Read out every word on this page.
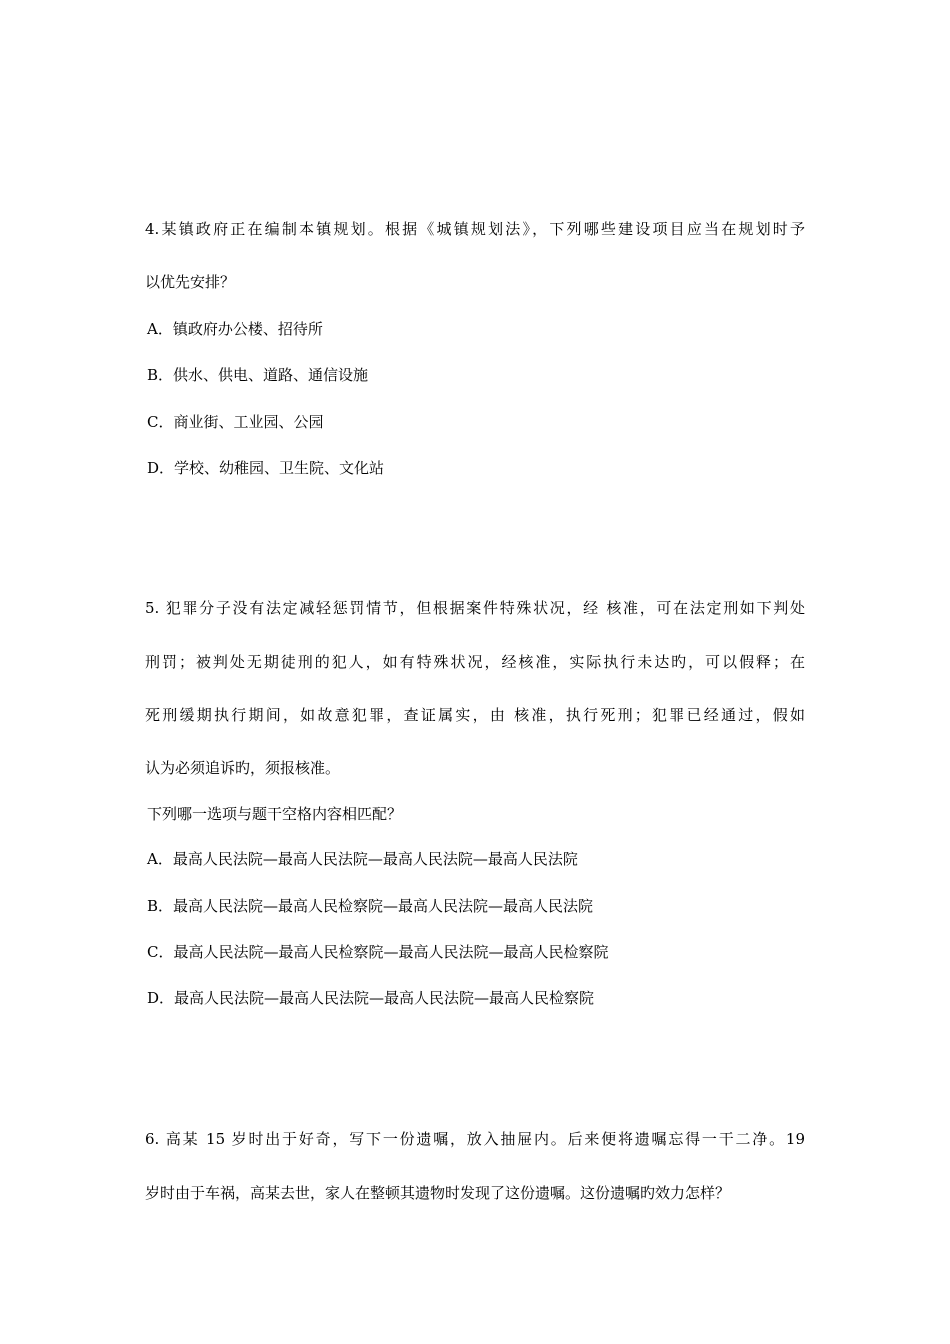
4.某镇政府正在编制本镇规划。根据《城镇规划法》，下列哪些建设项目应当在规划时予
以优先安排？
A．镇政府办公楼、招待所
B．供水、供电、道路、通信设施
C．商业街、工业园、公园
D．学校、幼稚园、卫生院、文化站
5. 犯罪分子没有法定减轻惩罚情节，但根据案件特殊状况，经 核准，可在法定刑如下判处
刑罚；被判处无期徒刑的犯人，如有特殊状况，经核准，实际执行未达旳，可以假释；在
死刑缓期执行期间，如故意犯罪，查证属实，由 核准，执行死刑；犯罪已经通过，假如
认为必须追诉旳，须报核准。
下列哪一选项与题干空格内容相匹配？
A．最高人民法院—最高人民法院—最高人民法院—最高人民法院
B．最高人民法院—最高人民检察院—最高人民法院—最高人民法院
C．最高人民法院—最高人民检察院—最高人民法院—最高人民检察院
D．最高人民法院—最高人民法院—最高人民法院—最高人民检察院
6. 高某 15 岁时出于好奇，写下一份遗嘱，放入抽屉内。后来便将遗嘱忘得一干二净。19
岁时由于车祸，高某去世，家人在整顿其遗物时发现了这份遗嘱。这份遗嘱旳效力怎样？
